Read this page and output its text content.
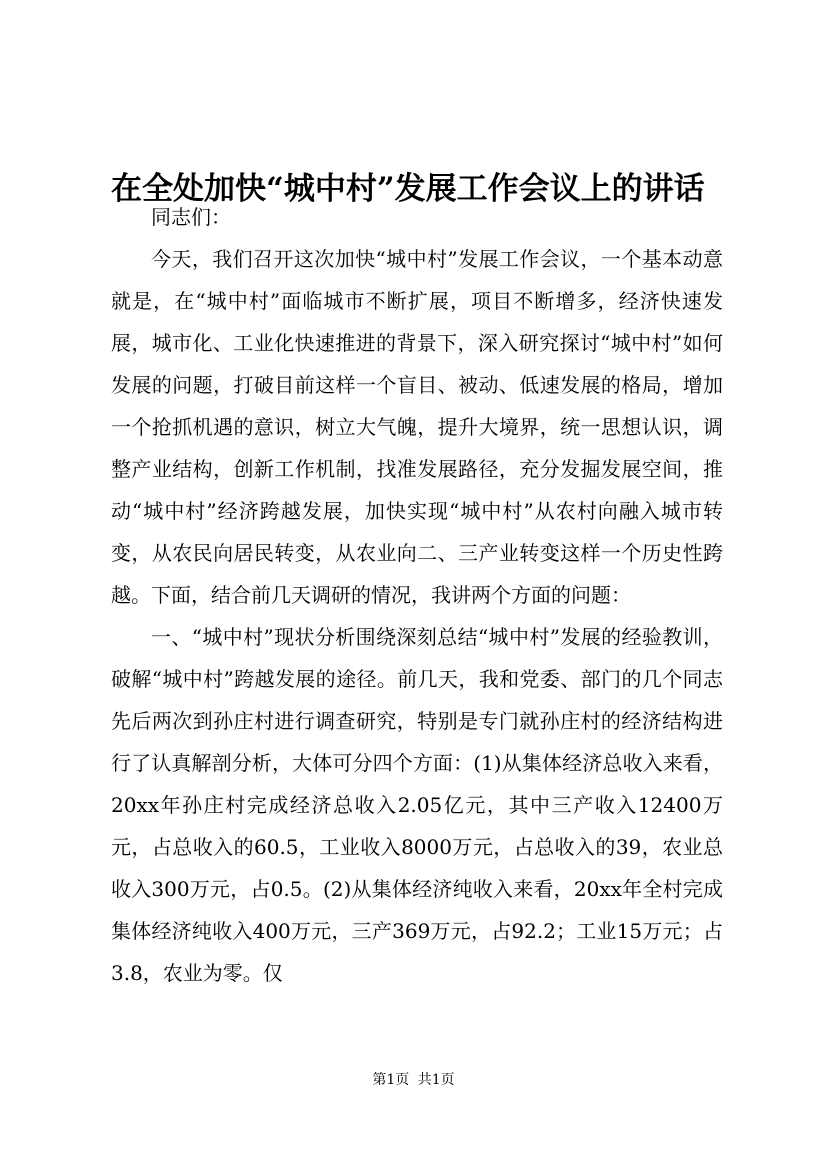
在全处加快“城中村”发展工作会议上的讲话

同志们：

今天，我们召开这次加快“城中村”发展工作会议，一个基本动意就是，在“城中村”面临城市不断扩展，项目不断增多，经济快速发展，城市化、工业化快速推进的背景下，深入研究探讨“城中村”如何发展的问题，打破目前这样一个盲目、被动、低速发展的格局，增加一个抢抓机遇的意识，树立大气魄，提升大境界，统一思想认识，调整产业结构，创新工作机制，找准发展路径，充分发掘发展空间，推动“城中村”经济跨越发展，加快实现“城中村”从农村向融入城市转变，从农民向居民转变，从农业向二、三产业转变这样一个历史性跨越。下面，结合前几天调研的情况，我讲两个方面的问题：

一、“城中村”现状分析围绕深刻总结“城中村”发展的经验教训，破解“城中村”跨越发展的途径。前几天，我和党委、部门的几个同志先后两次到孙庄村进行调查研究，特别是专门就孙庄村的经济结构进行了认真解剖分析，大体可分四个方面：(1)从集体经济总收入来看，20xx年孙庄村完成经济总收入2.05亿元，其中三产收入12400万元，占总收入的60.5，工业收入8000万元，占总收入的39，农业总收入300万元，占0.5。(2)从集体经济纯收入来看，20xx年全村完成集体经济纯收入400万元，三产369万元，占92.2；工业15万元；占3.8，农业为零。仅

第1页 共1页
